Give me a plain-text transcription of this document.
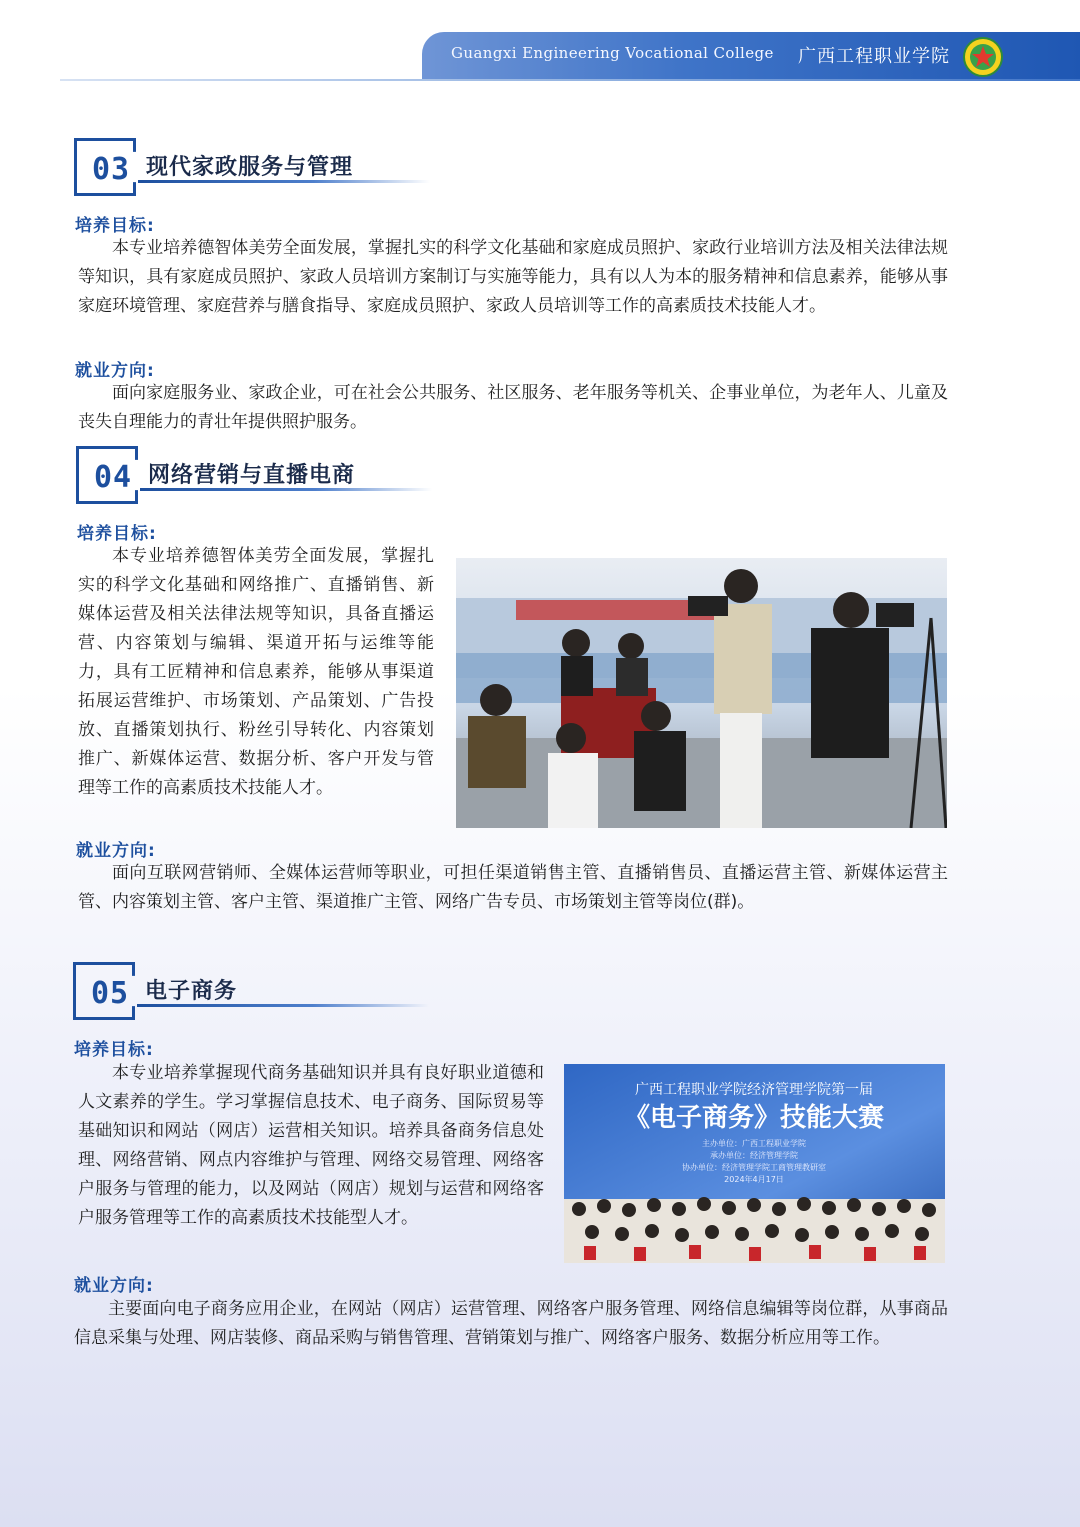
Guangxi Engineering Vocational College 广西工程职业学院
03 现代家政服务与管理
培养目标:

本专业培养德智体美劳全面发展，掌握扎实的科学文化基础和家庭成员照护、家政行业培训方法及相关法律法规等知识，具有家庭成员照护、家政人员培训方案制订与实施等能力，具有以人为本的服务精神和信息素养，能够从事家庭环境管理、家庭营养与膳食指导、家庭成员照护、家政人员培训等工作的高素质技术技能人才。

就业方向:

面向家庭服务业、家政企业，可在社会公共服务、社区服务、老年服务等机关、企事业单位，为老年人、儿童及丧失自理能力的青壮年提供照护服务。

04 网络营销与直播电商
培养目标:

本专业培养德智体美劳全面发展，掌握扎实的科学文化基础和网络推广、直播销售、新媒体运营及相关法律法规等知识，具备直播运营、内容策划与编辑、渠道开拓与运维等能力，具有工匠精神和信息素养，能够从事渠道拓展运营维护、市场策划、产品策划、广告投放、直播策划执行、粉丝引导转化、内容策划推广、新媒体运营、数据分析、客户开发与管理等工作的高素质技术技能人才。

就业方向:

面向互联网营销师、全媒体运营师等职业，可担任渠道销售主管、直播销售员、直播运营主管、新媒体运营主管、内容策划主管、客户主管、渠道推广主管、网络广告专员、市场策划主管等岗位(群)。

05 电子商务
培养目标:

本专业培养掌握现代商务基础知识并具有良好职业道德和人文素养的学生。学习掌握信息技术、电子商务、国际贸易等基础知识和网站（网店）运营相关知识。培养具备商务信息处理、网络营销、网点内容维护与管理、网络交易管理、网络客户服务与管理的能力，以及网站（网店）规划与运营和网络客户服务管理等工作的高素质技术技能型人才。

广西工程职业学院经济管理学院第一届
《电子商务》技能大赛
主办单位：广西工程职业学院
承办单位：经济管理学院
协办单位：经济管理学院工商管理教研室
2024年4月17日
就业方向:

主要面向电子商务应用企业，在网站（网店）运营管理、网络客户服务管理、网络信息编辑等岗位群，从事商品信息采集与处理、网店装修、商品采购与销售管理、营销策划与推广、网络客户服务、数据分析应用等工作。
